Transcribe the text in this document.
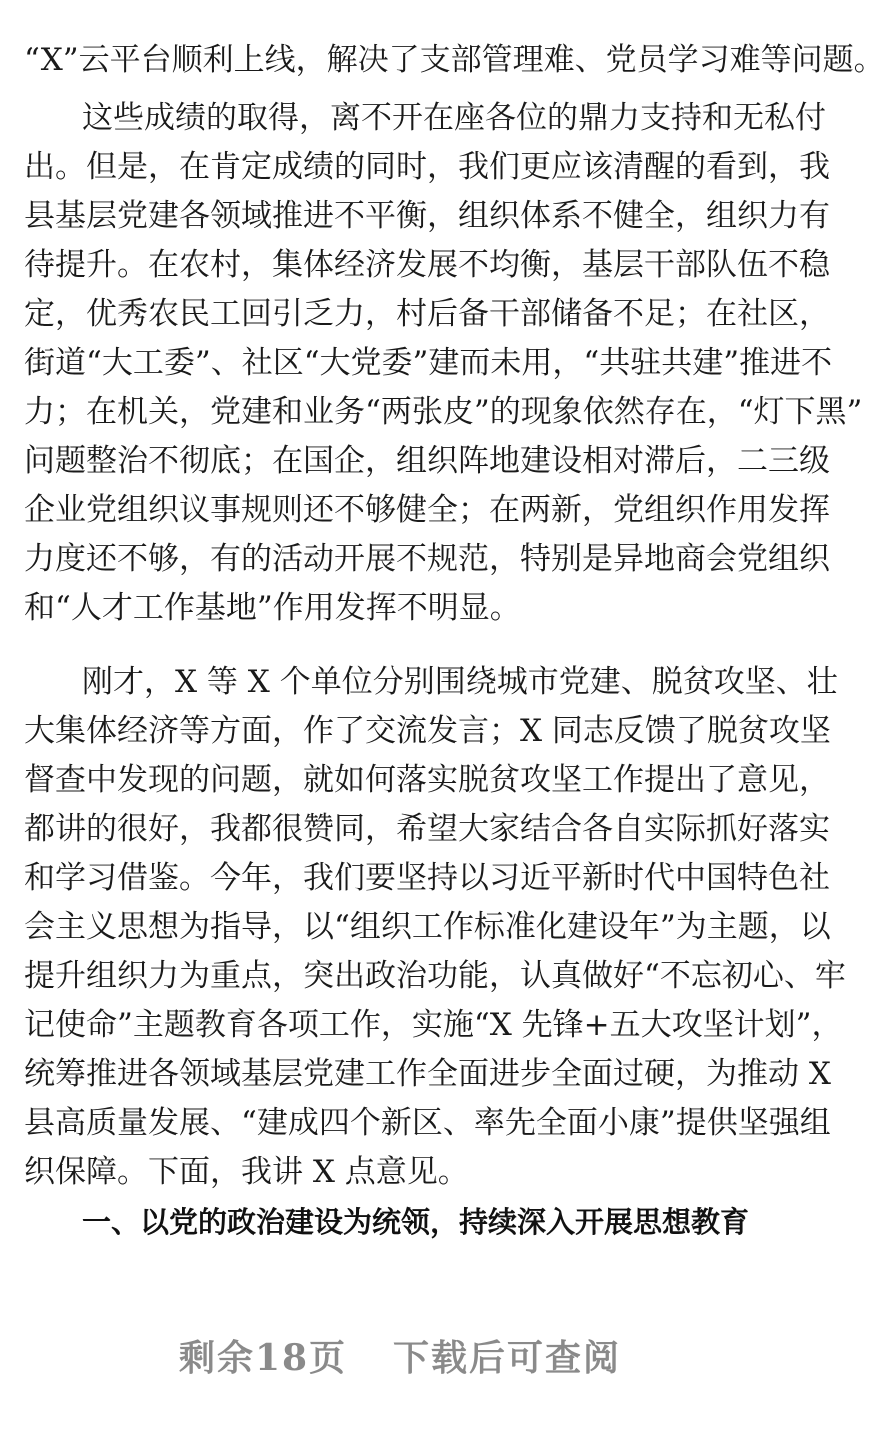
“X”云平台顺利上线，解决了支部管理难、党员学习难等问题。
这些成绩的取得，离不开在座各位的鼎力支持和无私付
出。但是，在肯定成绩的同时，我们更应该清醒的看到，我
县基层党建各领域推进不平衡，组织体系不健全，组织力有
待提升。在农村，集体经济发展不均衡，基层干部队伍不稳
定，优秀农民工回引乏力，村后备干部储备不足；在社区，
街道“大工委”、社区“大党委”建而未用，“共驻共建”推进不
力；在机关，党建和业务“两张皮”的现象依然存在，“灯下黑”
问题整治不彻底；在国企，组织阵地建设相对滞后，二三级
企业党组织议事规则还不够健全；在两新，党组织作用发挥
力度还不够，有的活动开展不规范，特别是异地商会党组织
和“人才工作基地”作用发挥不明显。
刚才，X 等 X 个单位分别围绕城市党建、脱贫攻坚、壮
大集体经济等方面，作了交流发言；X 同志反馈了脱贫攻坚
督查中发现的问题，就如何落实脱贫攻坚工作提出了意见，
都讲的很好，我都很赞同，希望大家结合各自实际抓好落实
和学习借鉴。今年，我们要坚持以习近平新时代中国特色社
会主义思想为指导，以“组织工作标准化建设年”为主题，以
提升组织力为重点，突出政治功能，认真做好“不忘初心、牢
记使命”主题教育各项工作，实施“X 先锋+五大攻坚计划”，
统筹推进各领域基层党建工作全面进步全面过硬，为推动 X
县高质量发展、“建成四个新区、率先全面小康”提供坚强组
织保障。下面，我讲 X 点意见。
一、以党的政治建设为统领，持续深入开展思想教育
剩余18页 下载后可查阅
